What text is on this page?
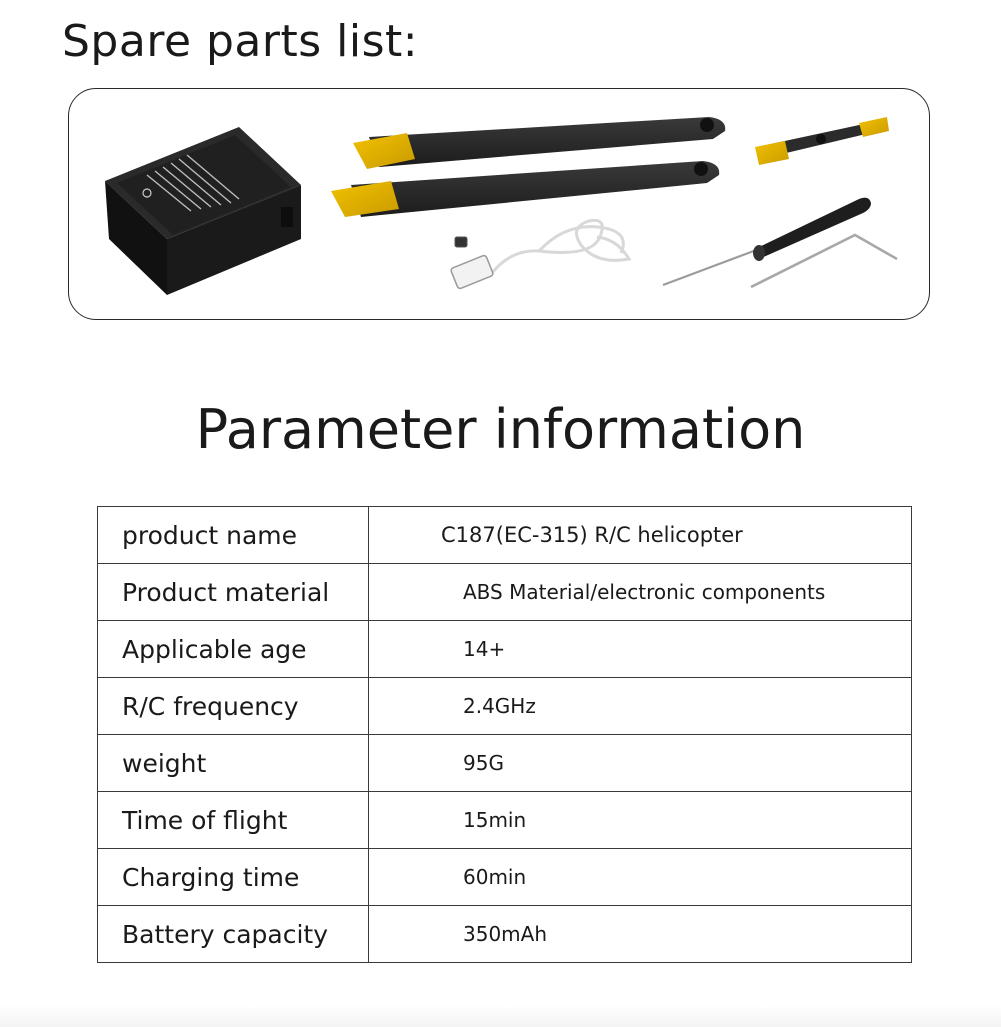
Spare parts list:
Parameter information
product name	C187(EC-315) R/C helicopter
Product material	ABS Material/electronic components
Applicable age	14+
R/C frequency	2.4GHz
weight	95G
Time of flight	15min
Charging time	60min
Battery capacity	350mAh
